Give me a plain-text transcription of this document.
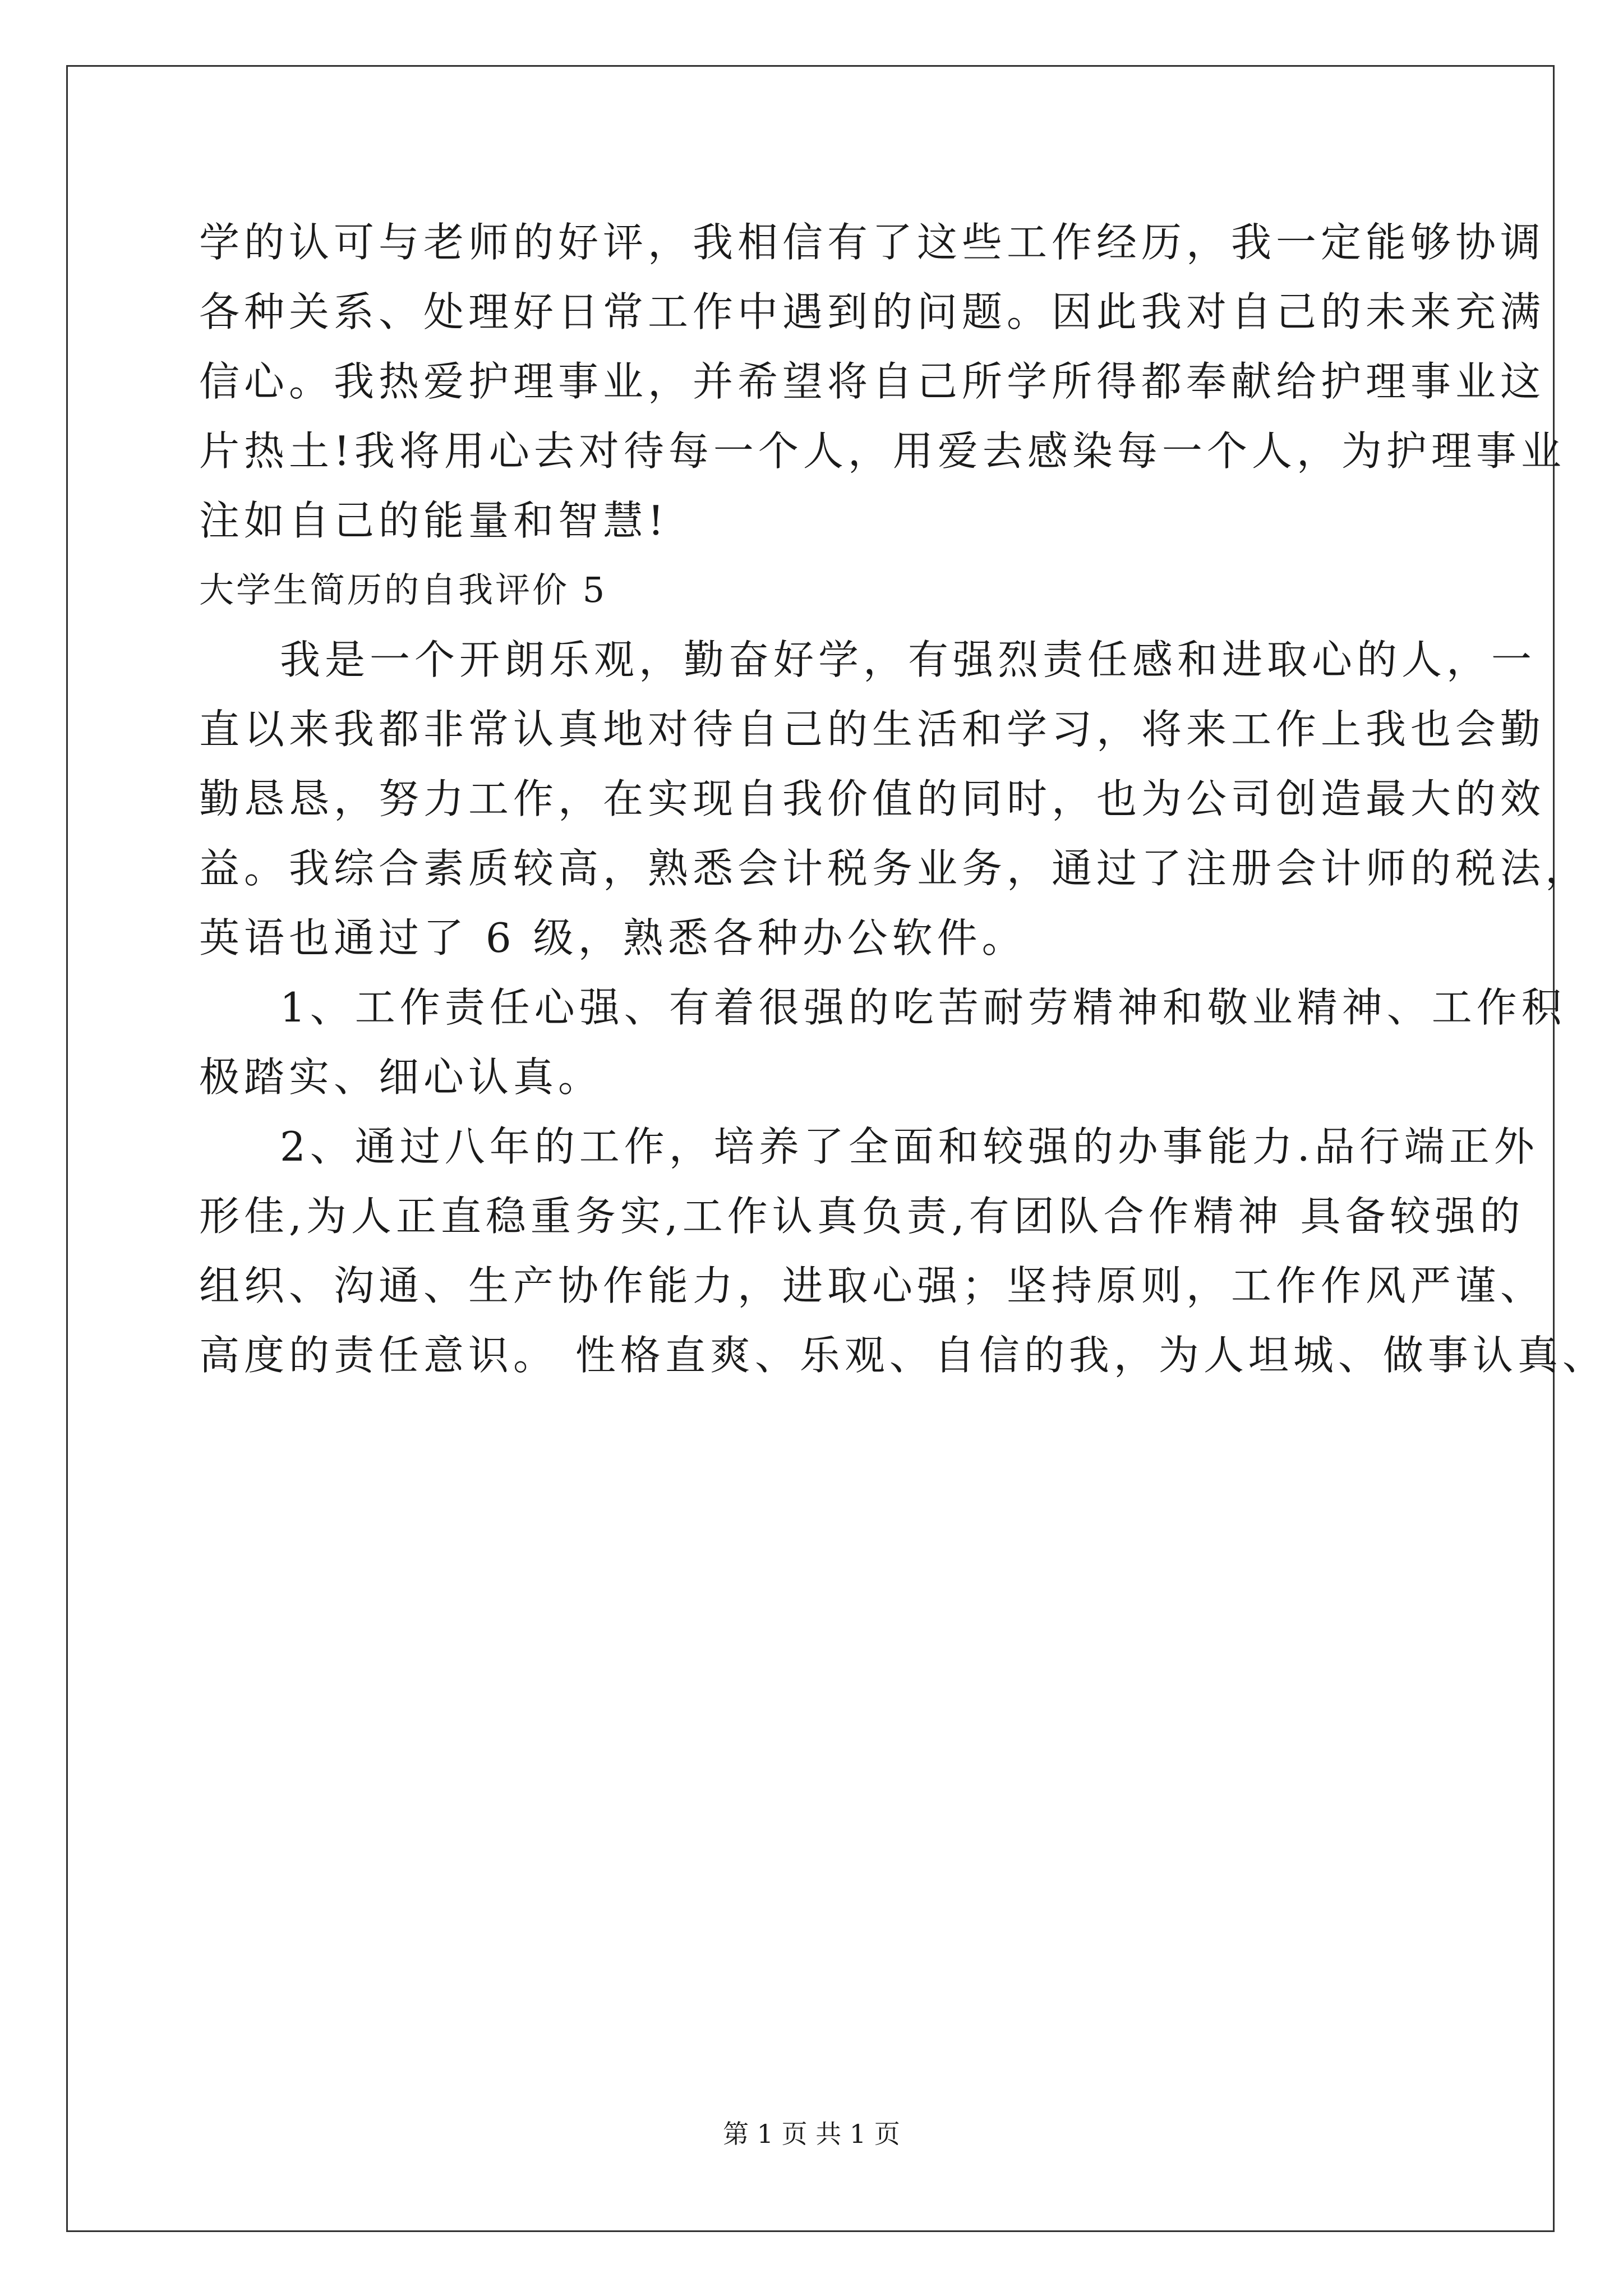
学的认可与老师的好评，我相信有了这些工作经历，我一定能够协调
各种关系、处理好日常工作中遇到的问题。因此我对自己的未来充满
信心。我热爱护理事业，并希望将自己所学所得都奉献给护理事业这
片热土!我将用心去对待每一个人，用爱去感染每一个人，为护理事业
注如自己的能量和智慧!
大学生简历的自我评价 5
我是一个开朗乐观，勤奋好学，有强烈责任感和进取心的人，一
直以来我都非常认真地对待自己的生活和学习，将来工作上我也会勤
勤恳恳，努力工作，在实现自我价值的同时，也为公司创造最大的效
益。我综合素质较高，熟悉会计税务业务，通过了注册会计师的税法，
英语也通过了 6 级，熟悉各种办公软件。
1、工作责任心强、有着很强的吃苦耐劳精神和敬业精神、工作积
极踏实、细心认真。
2、通过八年的工作，培养了全面和较强的办事能力.品行端正外
形佳,为人正直稳重务实,工作认真负责,有团队合作精神 具备较强的
组织、沟通、生产协作能力，进取心强；坚持原则，工作作风严谨、
高度的责任意识。 性格直爽、乐观、自信的我，为人坦城、做事认真、
第 1 页 共 1 页
